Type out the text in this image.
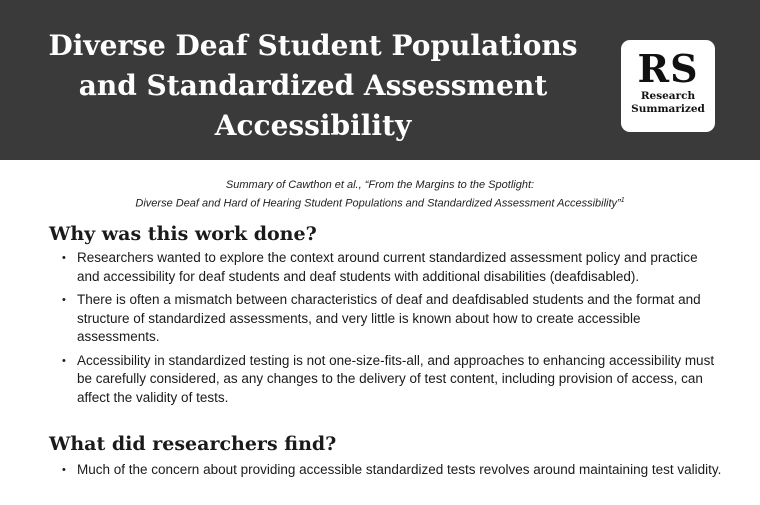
Diverse Deaf Student Populations and Standardized Assessment Accessibility
RS
Research
Summarized
Summary of Cawthon et al., “From the Margins to the Spotlight:
Diverse Deaf and Hard of Hearing Student Populations and Standardized Assessment Accessibility”$^1$
Why was this work done?
• Researchers wanted to explore the context around current standardized assessment policy and practice and accessibility for deaf students and deaf students with additional disabilities (deafdisabled).
• There is often a mismatch between characteristics of deaf and deafdisabled students and the format and structure of standardized assessments, and very little is known about how to create accessible assessments.
• Accessibility in standardized testing is not one-size-fits-all, and approaches to enhancing accessibility must be carefully considered, as any changes to the delivery of test content, including provision of access, can affect the validity of tests.
What did researchers find?
• Much of the concern about providing accessible standardized tests revolves around maintaining test validity.
